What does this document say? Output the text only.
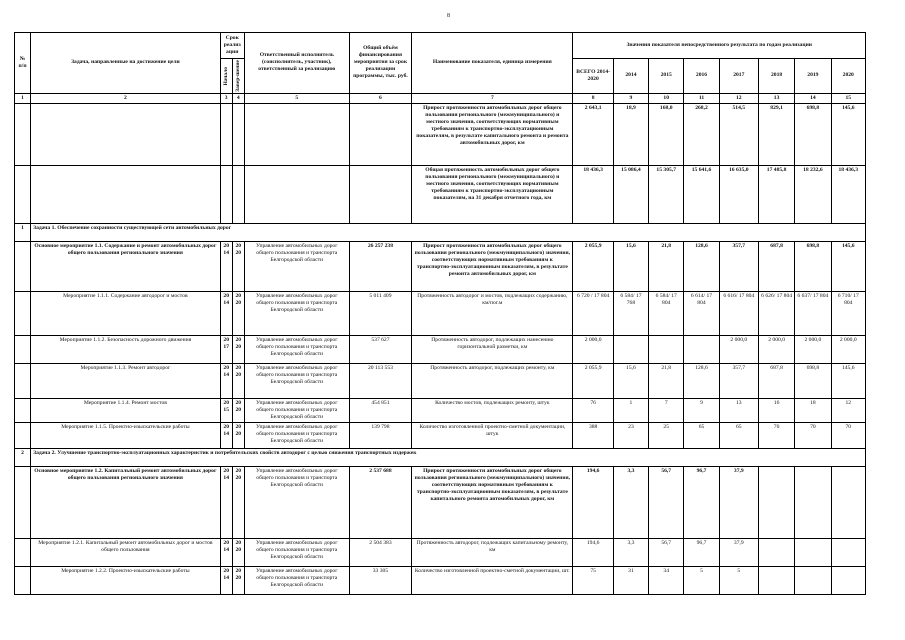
8
№ п/п	Задача, направленные на достижение цели	Срок реализации		Ответственный исполнитель (соисполнитель, участник), ответственный за реализацию	Общий объём финансирования мероприятия за срок реализации программы, тыс. руб.	Наименование показателя, единица измерения	Значения показателя непосредственного результата по годам реализации							

		Начало	Завер-шение				ВСЕГО 2014-2020	2014	2015	2016	2017	2018	2019	2020
1	2	3	4	5	6	7	8	9	10	11	12	13	14	15
						Прирост протяженности автомобильных дорог общего пользования регионального (межмуниципального) и местного значения, соответствующих нормативным требованиям к транспортно-эксплуатационным показателям, в результате капитального ремонта и ремонта автомобильных дорог, км	2 643,1	18,9	168,0	268,2	514,5	829,1	698,8	145,6
						Общая протяженность автомобильных дорог общего пользования регионального (межмуниципального) и местного значения, соответствующих нормативным требованиям к транспортно-эксплуатационным показателям, на 31 декабря отчетного года, км	18 436,3	15 086,4	15 305,7	15 641,6	16 635,0	17 485,8	18 232,6	18 436,3
1	Задача 1. Обеспечение сохранности существующей сети автомобильных дорог													
	Основное мероприятие 1.1. Содержание и ремонт автомобильных дорог общего пользования регионального значения	2014	2020	Управление автомобильных дорог общего пользования и транспорта Белгородской области	26 257 238	Прирост протяженности автомобильных дорог общего пользования регионального (межмуниципального) значения, соответствующих нормативным требованиям к транспортно-эксплуатационным показателям, в результате ремонта автомобильных дорог, км	2 055,9	15,6	21,8	128,6	357,7	687,8	698,8	145,6
	Мероприятие 1.1.1. Содержание автодорог и мостов	2014	2020	Управление автомобильных дорог общего пользования и транспорта Белгородской области	5 011 409	Протяженность автодорог и мостов, подлежащих содержанию, км/пог.м	6 720 / 17 804	6 584/ 17 768	6 584/ 17 804	6 614/ 17 804	6 616/ 17 804	6 626/ 17 804	6 637/ 17 804	6 710/ 17 804
	Мероприятие 1.1.2. Безопасность дорожного движения	2017	2020	Управление автомобильных дорог общего пользования и транспорта Белгородской области	537 627	Протяженность автодорог, подлежащих нанесению горизонтальной разметки, км	2 000,0				2 000,0	2 000,0	2 000,0	2 000,0
	Мероприятие 1.1.3. Ремонт автодорог	2014	2020	Управление автомобильных дорог общего пользования и транспорта Белгородской области	20 113 553	Протяженность автодорог, подлежащих ремонту, км	2 055,9	15,6	21,8	128,6	357,7	687,8	698,8	145,6
	Мероприятие 1.1.4. Ремонт мостов	2015	2020	Управление автомобильных дорог общего пользования и транспорта Белгородской области	454 851	Количество мостов, подлежащих ремонту, штук	76	1	7	9	13	16	18	12
	Мероприятие 1.1.5. Проектно-изыскательские работы	2014	2020	Управление автомобильных дорог общего пользования и транспорта Белгородской области	139 798	Количество изготовленной проектно-сметной документации, штук	388	23	25	65	65	70	70	70
2	Задача 2. Улучшение транспортно-эксплуатационных характеристик и потребительских свойств автодорог с целью снижения транспортных издержек													
	Основное мероприятие 1.2. Капитальный ремонт автомобильных дорог общего пользования регионального значения	2014	2020	Управление автомобильных дорог общего пользования и транспорта Белгородской области	2 537 688	Прирост протяженности автомобильных дорог общего пользования регионального (межмуниципального) значения, соответствующих нормативным требованиям к транспортно-эксплуатационным показателям, в результате капитального ремонта автомобильных дорог, км	194,6	3,3	56,7	96,7	37,9			
	Мероприятие 1.2.1. Капитальный ремонт автомобильных дорог и мостов общего пользования	2014	2020	Управление автомобильных дорог общего пользования и транспорта Белгородской области	2 504 383	Протяженность автодорог, подлежащих капитальному ремонту, км	194,6	3,3	56,7	96,7	37,9			
	Мероприятие 1.2.2. Проектно-изыскательские работы	2014	2020	Управление автомобильных дорог общего пользования и транспорта Белгородской области	33 305	Количество изготовленной проектно-сметной документации, шт.	75	31	34	5	5			
